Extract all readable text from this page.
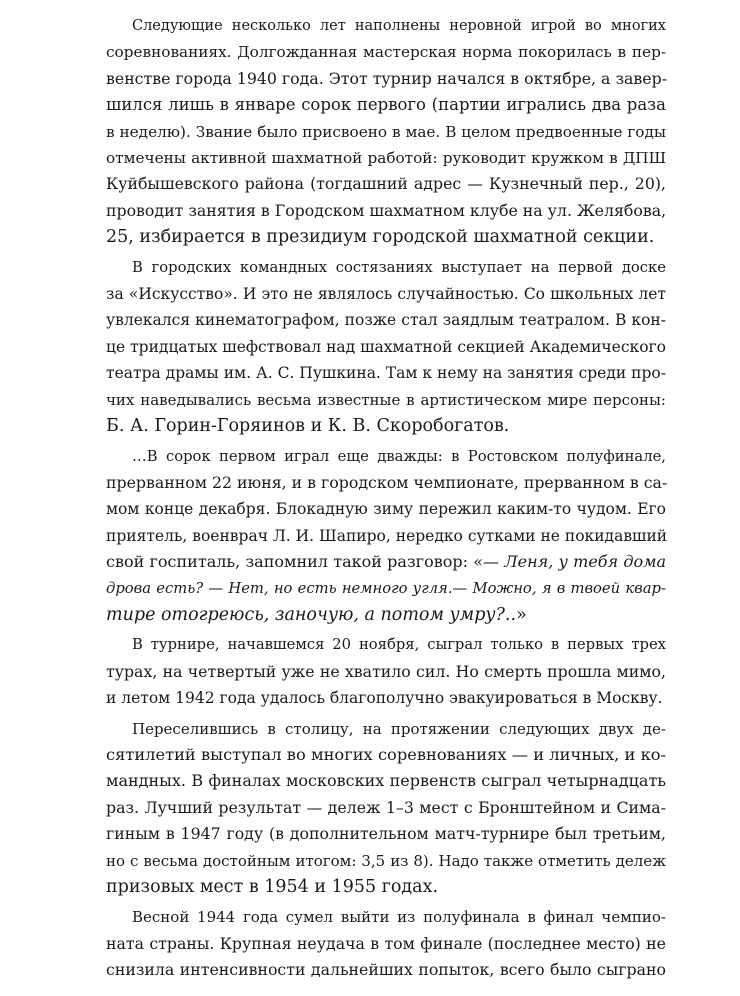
Следующие несколько лет наполнены неровной игрой во многих
соревнованиях. Долгожданная мастерская норма покорилась в пер-
венстве города 1940 года. Этот турнир начался в октябре, а завер-
шился лишь в январе сорок первого (партии игрались два раза
в неделю). Звание было присвоено в мае. В целом предвоенные годы
отмечены активной шахматной работой: руководит кружком в ДПШ
Куйбышевского района (тогдашний адрес — Кузнечный пер., 20),
проводит занятия в Городском шахматном клубе на ул. Желябова,
25, избирается в президиум городской шахматной секции.
В городских командных состязаниях выступает на первой доске
за «Искусство». И это не являлось случайностью. Со школьных лет
увлекался кинематографом, позже стал заядлым театралом. В кон-
це тридцатых шефствовал над шахматной секцией Академического
театра драмы им. А. С. Пушкина. Там к нему на занятия среди про-
чих наведывались весьма известные в артистическом мире персоны:
Б. А. Горин-Горяинов и К. В. Скоробогатов.
…В сорок первом играл еще дважды: в Ростовском полуфинале,
прерванном 22 июня, и в городском чемпионате, прерванном в са-
мом конце декабря. Блокадную зиму пережил каким-то чудом. Его
приятель, военврач Л. И. Шапиро, нередко сутками не покидавший
свой госпиталь, запомнил такой разговор: «— Леня, у тебя дома
дрова есть? — Нет, но есть немного угля.— Можно, я в твоей квар-
тире отогреюсь, заночую, а потом умру?..»
В турнире, начавшемся 20 ноября, сыграл только в первых трех
турах, на четвертый уже не хватило сил. Но смерть прошла мимо,
и летом 1942 года удалось благополучно эвакуироваться в Москву.
Переселившись в столицу, на протяжении следующих двух де-
сятилетий выступал во многих соревнованиях — и личных, и ко-
мандных. В финалах московских первенств сыграл четырнадцать
раз. Лучший результат — дележ 1–3 мест с Бронштейном и Сима-
гиным в 1947 году (в дополнительном матч-турнире был третьим,
но с весьма достойным итогом: 3,5 из 8). Надо также отметить дележ
призовых мест в 1954 и 1955 годах.
Весной 1944 года сумел выйти из полуфинала в финал чемпио-
ната страны. Крупная неудача в том финале (последнее место) не
снизила интенсивности дальнейших попыток, всего было сыграно
